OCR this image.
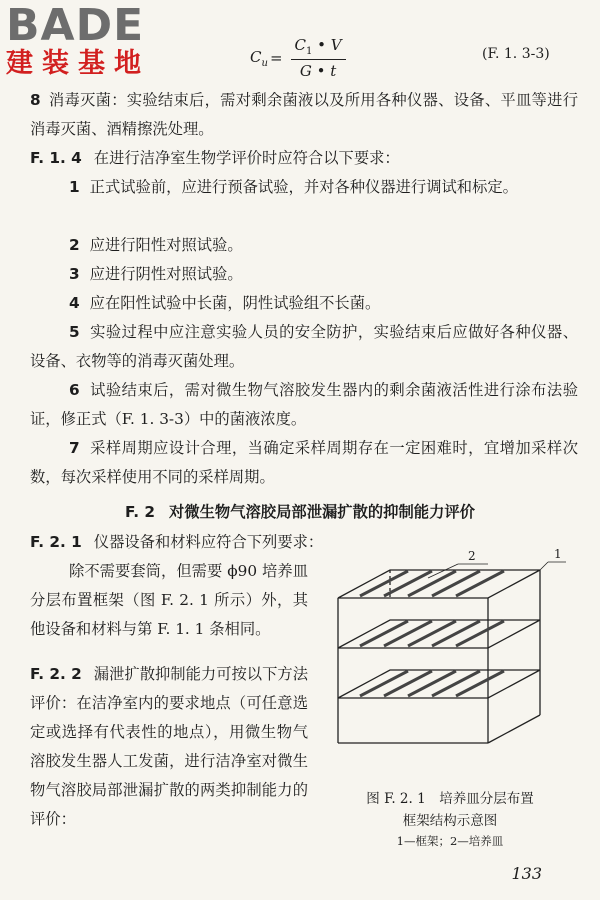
BADE
建装基地	$C_u = \frac{C_1 • V}{G • t}$	(F. 1. 3-3)
8 消毒灭菌：实验结束后，需对剩余菌液以及所用各种仪器、设备、平皿等进行消毒灭菌、酒精擦洗处理。
F. 1. 4 在进行洁净室生物学评价时应符合以下要求：
1 正式试验前，应进行预备试验，并对各种仪器进行调试和标定。
2 应进行阳性对照试验。
3 应进行阴性对照试验。
4 应在阳性试验中长菌，阴性试验组不长菌。
5 实验过程中应注意实验人员的安全防护，实验结束后应做好各种仪器、设备、衣物等的消毒灭菌处理。
6 试验结束后，需对微生物气溶胶发生器内的剩余菌液活性进行涂布法验证，修正式（F. 1. 3-3）中的菌液浓度。
7 采样周期应设计合理，当确定采样周期存在一定困难时，宜增加采样次数，每次采样使用不同的采样周期。
F. 2 对微生物气溶胶局部泄漏扩散的抑制能力评价
F. 2. 1 仪器设备和材料应符合下列要求：
除不需要套筒，但需要 ϕ90 培养皿分层布置框架（图 F. 2. 1 所示）外，其他设备和材料与第 F. 1. 1 条相同。
F. 2. 2 漏泄扩散抑制能力可按以下方法评价：在洁净室内的要求地点（可任意选定或选择有代表性的地点），用微生物气溶胶发生器人工发菌，进行洁净室对微生物气溶胶局部泄漏扩散的两类抑制能力的评价：
2	1
图 F. 2. 1　培养皿分层布置
框架结构示意图
1—框架；2—培养皿
133
